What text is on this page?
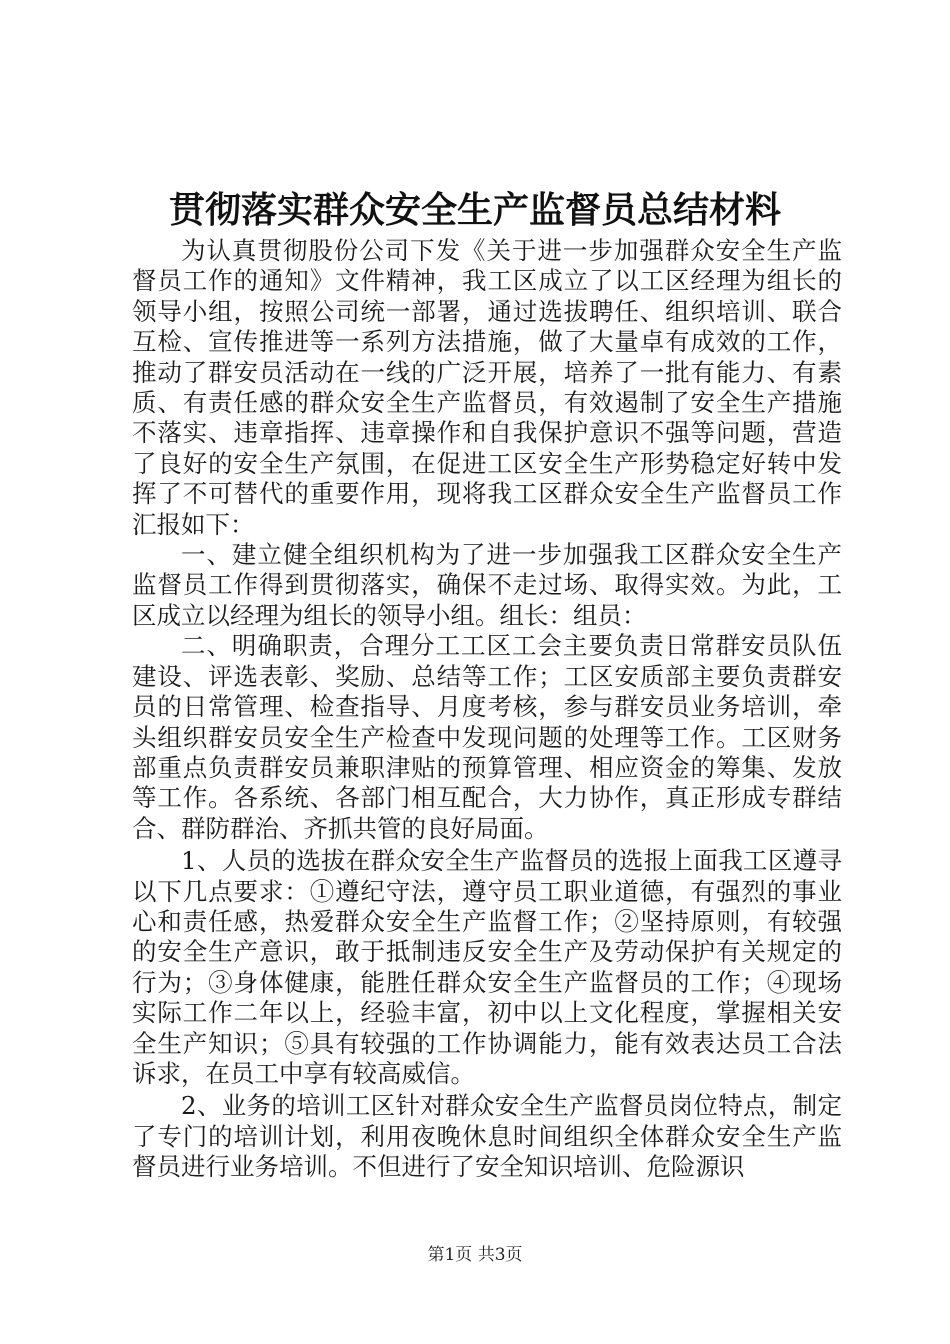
贯彻落实群众安全生产监督员总结材料

为认真贯彻股份公司下发《关于进一步加强群众安全生产监督员工作的通知》文件精神，我工区成立了以工区经理为组长的领导小组，按照公司统一部署，通过选拔聘任、组织培训、联合互检、宣传推进等一系列方法措施，做了大量卓有成效的工作，推动了群安员活动在一线的广泛开展，培养了一批有能力、有素质、有责任感的群众安全生产监督员，有效遏制了安全生产措施不落实、违章指挥、违章操作和自我保护意识不强等问题，营造了良好的安全生产氛围，在促进工区安全生产形势稳定好转中发挥了不可替代的重要作用，现将我工区群众安全生产监督员工作汇报如下：

一、建立健全组织机构为了进一步加强我工区群众安全生产监督员工作得到贯彻落实，确保不走过场、取得实效。为此，工区成立以经理为组长的领导小组。组长：组员：

二、明确职责，合理分工工区工会主要负责日常群安员队伍建设、评选表彰、奖励、总结等工作；工区安质部主要负责群安员的日常管理、检查指导、月度考核，参与群安员业务培训，牵头组织群安员安全生产检查中发现问题的处理等工作。工区财务部重点负责群安员兼职津贴的预算管理、相应资金的筹集、发放等工作。各系统、各部门相互配合，大力协作，真正形成专群结合、群防群治、齐抓共管的良好局面。

1、人员的选拔在群众安全生产监督员的选报上面我工区遵寻以下几点要求：①遵纪守法，遵守员工职业道德，有强烈的事业心和责任感，热爱群众安全生产监督工作；②坚持原则，有较强的安全生产意识，敢于抵制违反安全生产及劳动保护有关规定的行为；③身体健康，能胜任群众安全生产监督员的工作；④现场实际工作二年以上，经验丰富，初中以上文化程度，掌握相关安全生产知识；⑤具有较强的工作协调能力，能有效表达员工合法诉求，在员工中享有较高威信。

2、业务的培训工区针对群众安全生产监督员岗位特点，制定了专门的培训计划，利用夜晚休息时间组织全体群众安全生产监督员进行业务培训。不但进行了安全知识培训、危险源识

第1页 共3页
